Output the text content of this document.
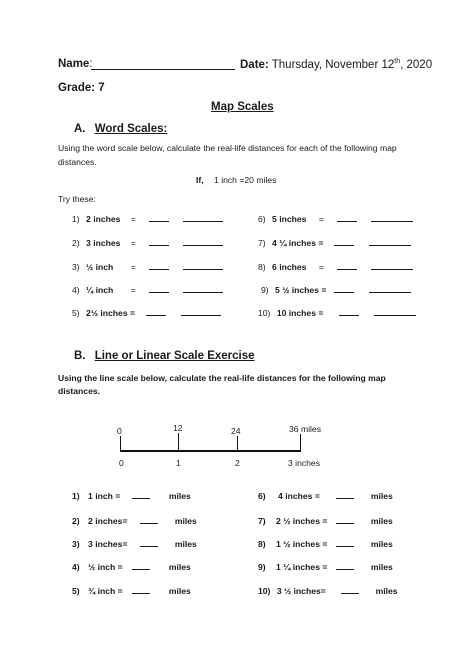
Name:	Date: Thursday, November 12th, 2020
Grade: 7
Map Scales
A. Word Scales:
Using the word scale below, calculate the real-life distances for each of the following map
distances.
If, 1 inch =20 miles
Try these:
1) 2 inches =
2) 3 inches =
3) ½ inch =
4) ¼ inch =
5) 2½ inches =
6) 5 inches =
7) 4 ¼ inches =
8) 6 inches =
9) 5 ½ inches =
10) 10 inches =
B. Line or Linear Scale Exercise
Using the line scale below, calculate the real-life distances for the following map
distances.
0	12	24	36 miles
0	1	2	3 inches
1) 1 inch =	miles
2) 2 inches=	miles
3) 3 inches=	miles
4) ½ inch =	miles
5) ¾ inch =	miles
6) 4 inches =	miles
7) 2 ½ inches =	miles
8) 1 ½ inches =	miles
9) 1 ¼ inches =	miles
10) 3 ½ inches=	miles
